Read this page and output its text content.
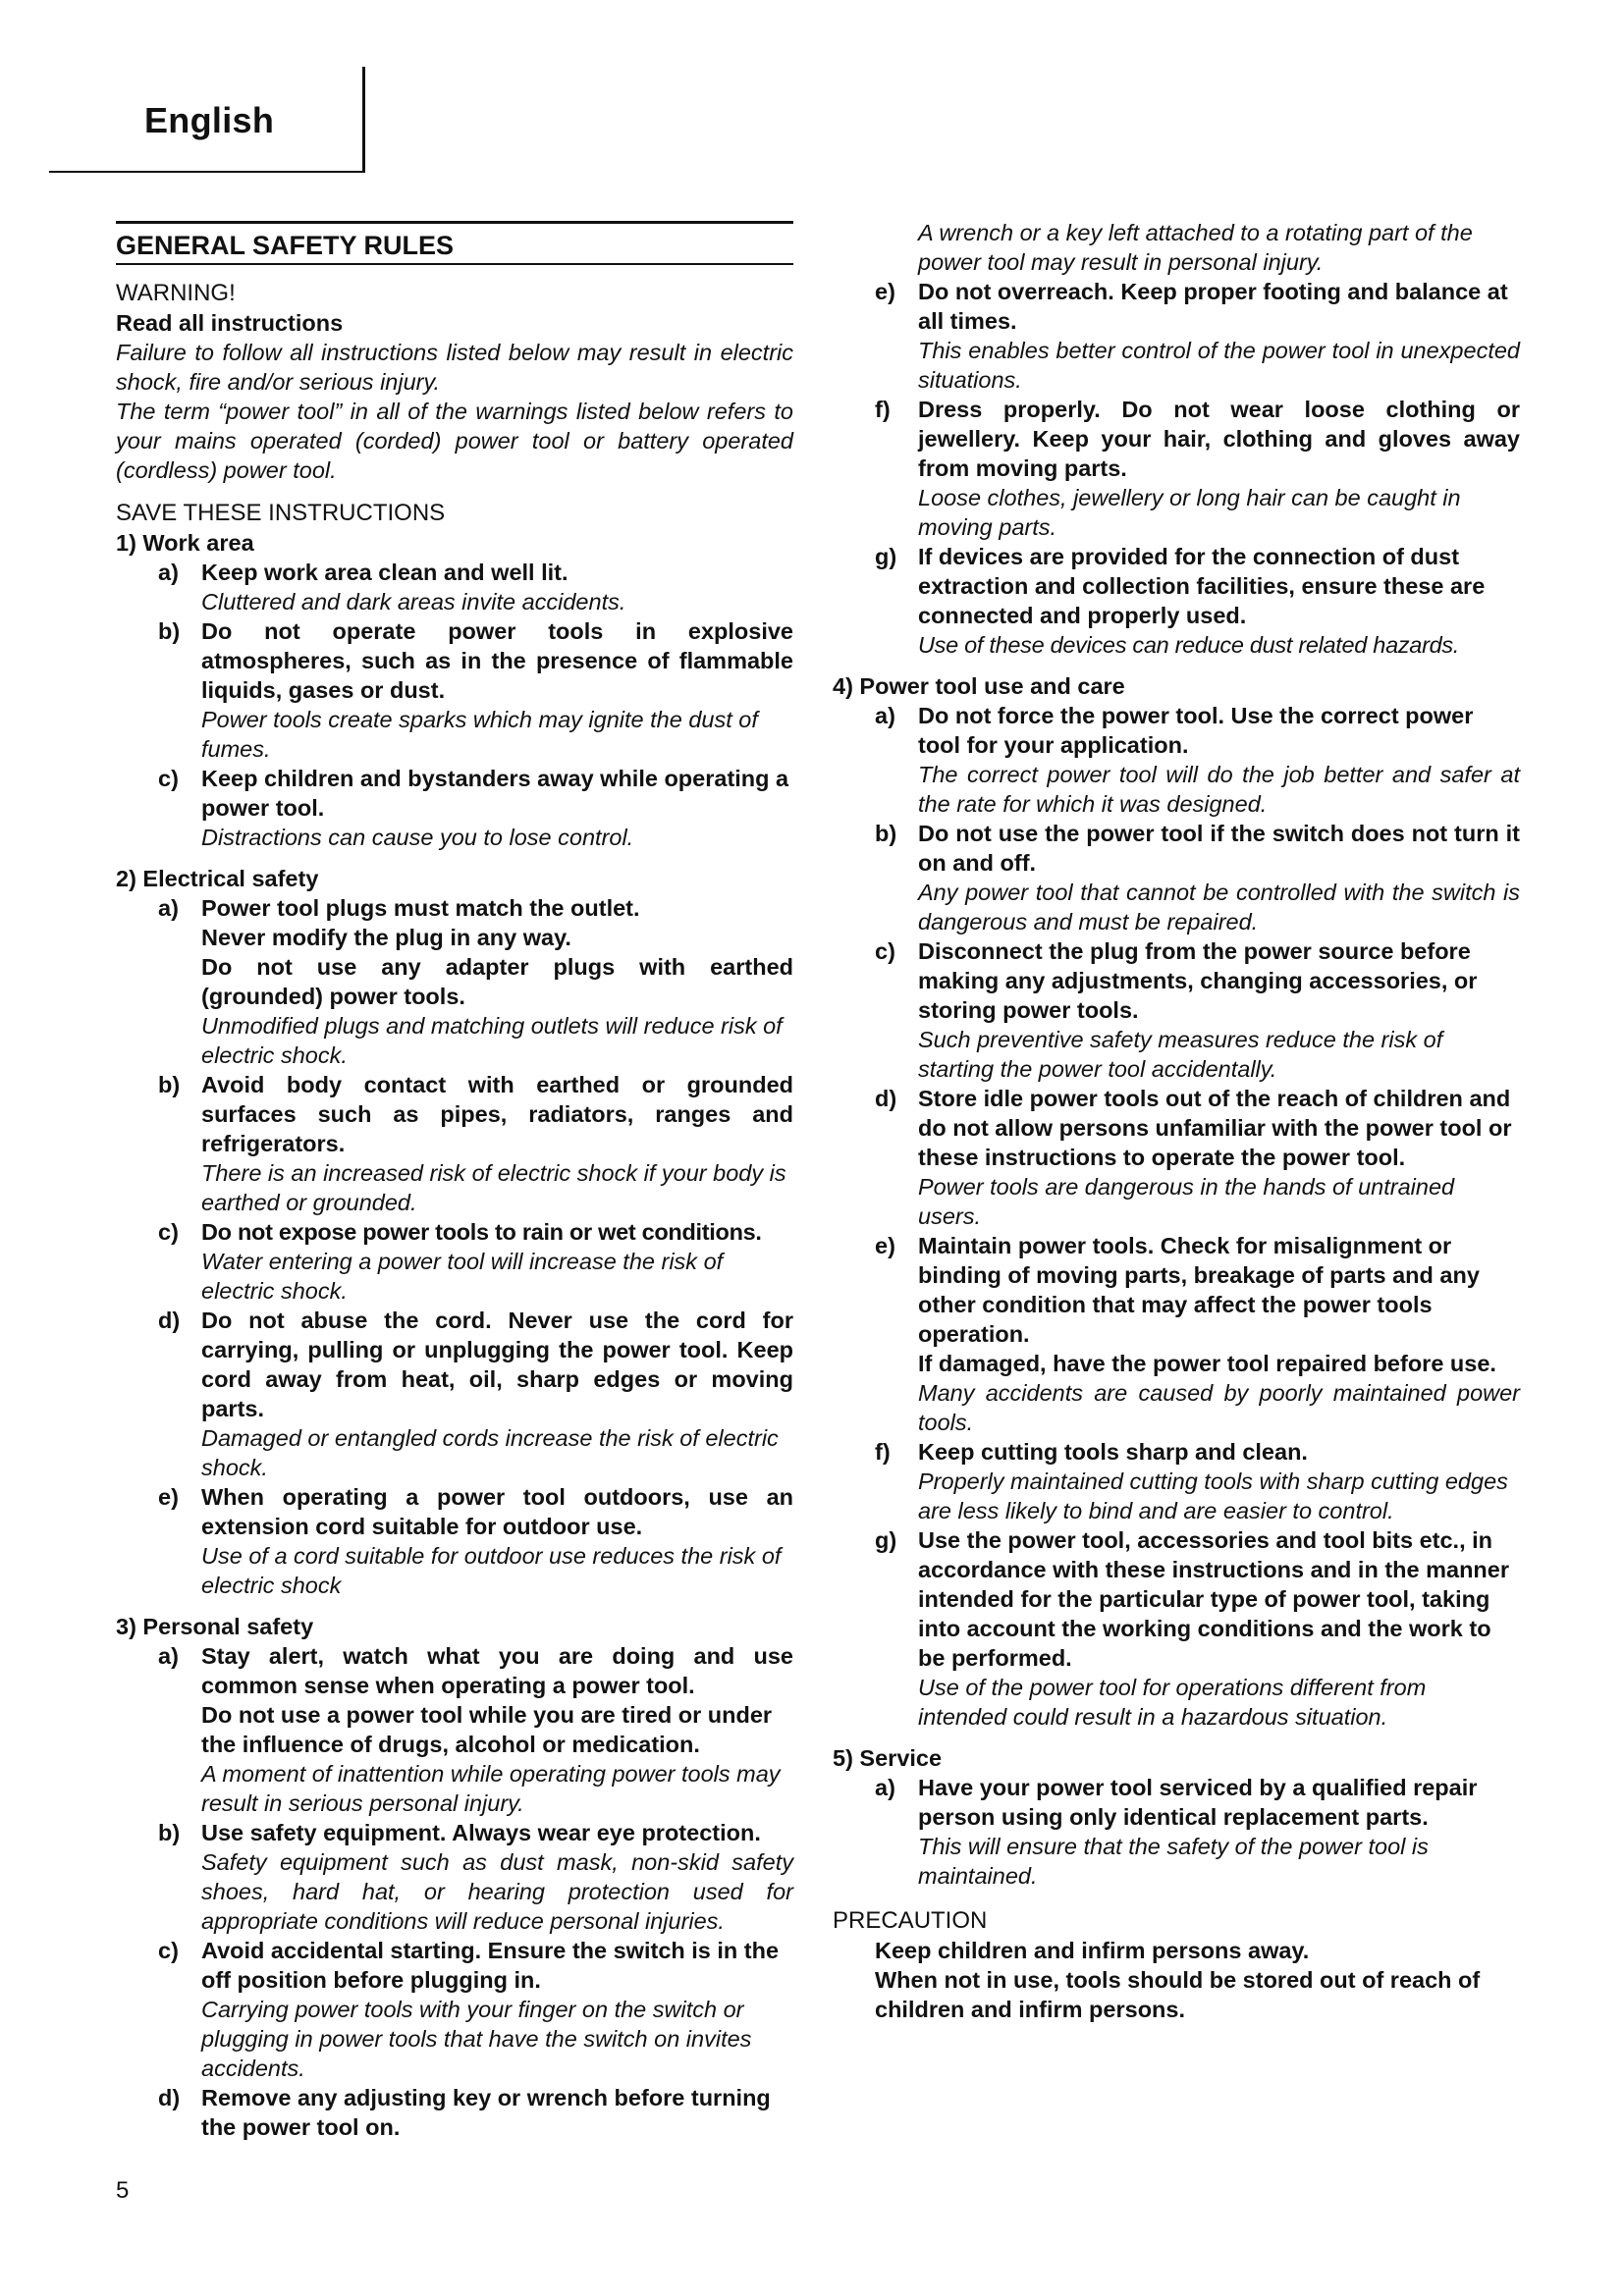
English
GENERAL SAFETY RULES
WARNING!
Read all instructions
Failure to follow all instructions listed below may result in electric shock, fire and/or serious injury.
The term “power tool” in all of the warnings listed below refers to your mains operated (corded) power tool or battery operated (cordless) power tool.
SAVE THESE INSTRUCTIONS
1) Work area
a) Keep work area clean and well lit.
Cluttered and dark areas invite accidents.
b) Do not operate power tools in explosive atmospheres, such as in the presence of flammable liquids, gases or dust.
Power tools create sparks which may ignite the dust of fumes.
c) Keep children and bystanders away while operating a power tool.
Distractions can cause you to lose control.
2) Electrical safety
a) Power tool plugs must match the outlet.
Never modify the plug in any way.
Do not use any adapter plugs with earthed (grounded) power tools.
Unmodified plugs and matching outlets will reduce risk of electric shock.
b) Avoid body contact with earthed or grounded surfaces such as pipes, radiators, ranges and refrigerators.
There is an increased risk of electric shock if your body is earthed or grounded.
c) Do not expose power tools to rain or wet conditions.
Water entering a power tool will increase the risk of electric shock.
d) Do not abuse the cord. Never use the cord for carrying, pulling or unplugging the power tool. Keep cord away from heat, oil, sharp edges or moving parts.
Damaged or entangled cords increase the risk of electric shock.
e) When operating a power tool outdoors, use an extension cord suitable for outdoor use.
Use of a cord suitable for outdoor use reduces the risk of electric shock
3) Personal safety
a) Stay alert, watch what you are doing and use common sense when operating a power tool.
Do not use a power tool while you are tired or under the influence of drugs, alcohol or medication.
A moment of inattention while operating power tools may result in serious personal injury.
b) Use safety equipment. Always wear eye protection.
Safety equipment such as dust mask, non-skid safety shoes, hard hat, or hearing protection used for appropriate conditions will reduce personal injuries.
c) Avoid accidental starting. Ensure the switch is in the off position before plugging in.
Carrying power tools with your finger on the switch or plugging in power tools that have the switch on invites accidents.
d) Remove any adjusting key or wrench before turning the power tool on.
A wrench or a key left attached to a rotating part of the power tool may result in personal injury.
e) Do not overreach. Keep proper footing and balance at all times.
This enables better control of the power tool in unexpected situations.
f) Dress properly. Do not wear loose clothing or jewellery. Keep your hair, clothing and gloves away from moving parts.
Loose clothes, jewellery or long hair can be caught in moving parts.
g) If devices are provided for the connection of dust extraction and collection facilities, ensure these are connected and properly used.
Use of these devices can reduce dust related hazards.
4) Power tool use and care
a) Do not force the power tool. Use the correct power tool for your application.
The correct power tool will do the job better and safer at the rate for which it was designed.
b) Do not use the power tool if the switch does not turn it on and off.
Any power tool that cannot be controlled with the switch is dangerous and must be repaired.
c) Disconnect the plug from the power source before making any adjustments, changing accessories, or storing power tools.
Such preventive safety measures reduce the risk of starting the power tool accidentally.
d) Store idle power tools out of the reach of children and do not allow persons unfamiliar with the power tool or these instructions to operate the power tool.
Power tools are dangerous in the hands of untrained users.
e) Maintain power tools. Check for misalignment or binding of moving parts, breakage of parts and any other condition that may affect the power tools operation.
If damaged, have the power tool repaired before use.
Many accidents are caused by poorly maintained power tools.
f) Keep cutting tools sharp and clean.
Properly maintained cutting tools with sharp cutting edges are less likely to bind and are easier to control.
g) Use the power tool, accessories and tool bits etc., in accordance with these instructions and in the manner intended for the particular type of power tool, taking into account the working conditions and the work to be performed.
Use of the power tool for operations different from intended could result in a hazardous situation.
5) Service
a) Have your power tool serviced by a qualified repair person using only identical replacement parts.
This will ensure that the safety of the power tool is maintained.
PRECAUTION
Keep children and infirm persons away.
When not in use, tools should be stored out of reach of children and infirm persons.
5
